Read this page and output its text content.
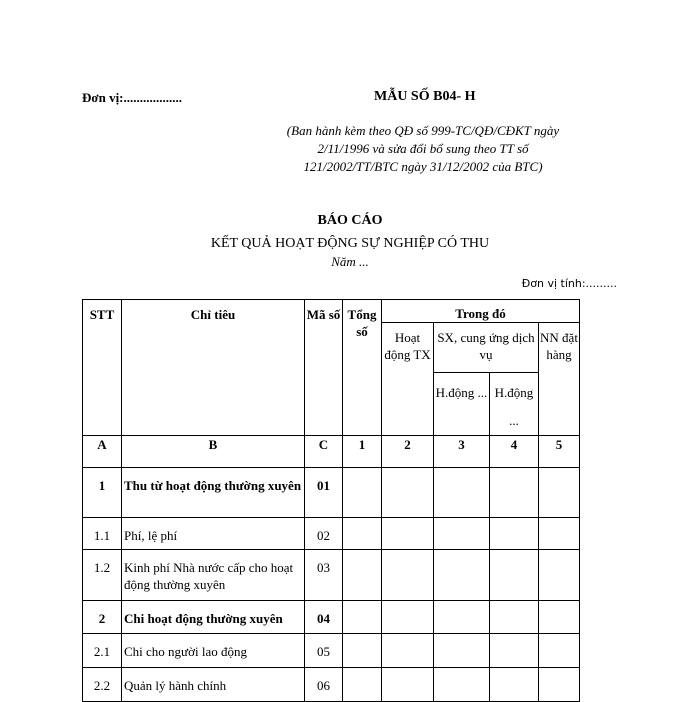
Đơn vị:..................	MẪU SỐ B04- H
(Ban hành kèm theo QĐ số 999-TC/QĐ/CĐKT ngày
2/11/1996 và sửa đổi bổ sung theo TT số
121/2002/TT/BTC ngày 31/12/2002 của BTC)
BÁO CÁO
KẾT QUẢ HOẠT ĐỘNG SỰ NGHIỆP CÓ THU
Năm ...
Đơn vị tính:.........
STT	Chỉ tiêu	Mã số	Tổng số	Trong đó			
				Hoạt động TX	SX, cung ứng dịch vụ		NN đặt hàng
					H.động ...	H.động ...	
A	B	C	1	2	3	4	5
1	Thu từ hoạt động thường xuyên	01					
1.1	Phí, lệ phí	02					
1.2	Kinh phí Nhà nước cấp cho hoạt động thường xuyên	03					
2	Chi hoạt động thường xuyên	04					
2.1	Chi cho người lao động	05					
2.2	Quản lý hành chính	06					
